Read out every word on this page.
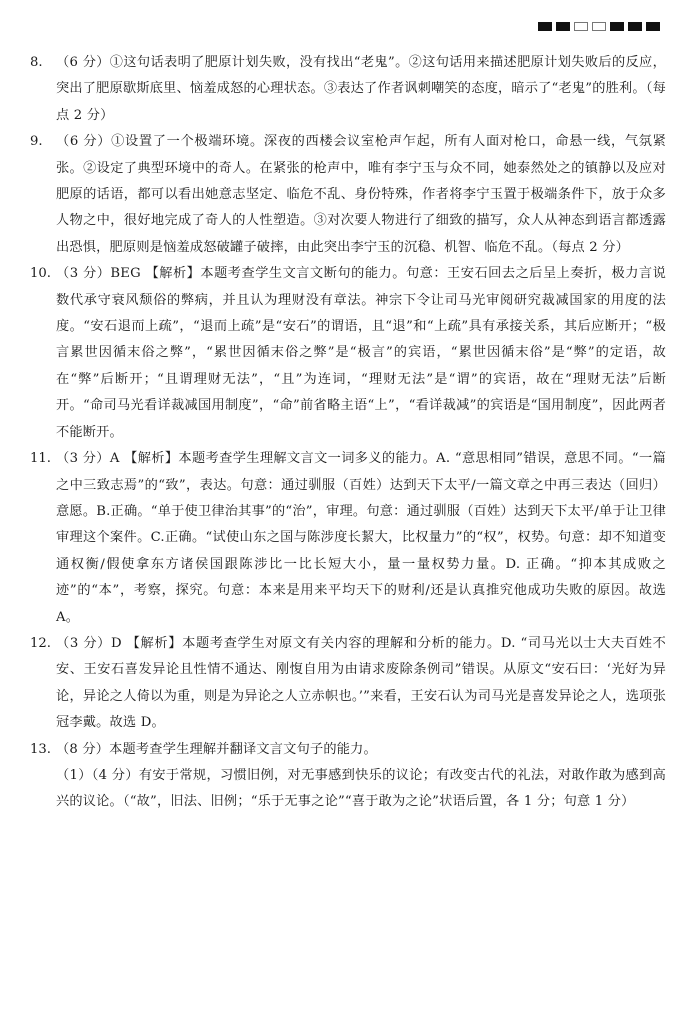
8.	（6 分）①这句话表明了肥原计划失败，没有找出“老鬼”。②这句话用来描述肥原计划失败后的反应，突出了肥原歇斯底里、恼羞成怒的心理状态。③表达了作者讽刺嘲笑的态度，暗示了“老鬼”的胜利。（每点 2 分）
9.	（6 分）①设置了一个极端环境。深夜的西楼会议室枪声乍起，所有人面对枪口，命悬一线，气氛紧张。②设定了典型环境中的奇人。在紧张的枪声中，唯有李宁玉与众不同，她泰然处之的镇静以及应对肥原的话语，都可以看出她意志坚定、临危不乱、身份特殊，作者将李宁玉置于极端条件下，放于众多人物之中，很好地完成了奇人的人性塑造。③对次要人物进行了细致的描写，众人从神态到语言都透露出恐惧，肥原则是恼羞成怒破罐子破摔，由此突出李宁玉的沉稳、机智、临危不乱。（每点 2 分）
10. （3 分）BEG 【解析】本题考查学生文言文断句的能力。句意：王安石回去之后呈上奏折，极力言说数代承守衰风颓俗的弊病，并且认为理财没有章法。神宗下令让司马光审阅研究裁减国家的用度的法度。“安石退而上疏”，“退而上疏”是“安石”的谓语，且“退”和“上疏”具有承接关系，其后应断开；“极言累世因循末俗之弊”，“累世因循末俗之弊”是“极言”的宾语，“累世因循末俗”是“弊”的定语，故在“弊”后断开；“且谓理财无法”，“且”为连词，“理财无法”是“谓”的宾语，故在“理财无法”后断开。“命司马光看详裁减国用制度”，“命”前省略主语“上”，“看详裁减”的宾语是“国用制度”，因此两者不能断开。
11. （3 分）A 【解析】本题考查学生理解文言文一词多义的能力。A. “意思相同”错误，意思不同。“一篇之中三致志焉”的“致”，表达。句意：通过驯服（百姓）达到天下太平/一篇文章之中再三表达（回归）意愿。B.正确。“单于使卫律治其事”的“治”，审理。句意：通过驯服（百姓）达到天下太平/单于让卫律审理这个案件。C.正确。“试使山东之国与陈涉度长絜大，比权量力”的“权”，权势。句意：却不知道变通权衡/假使拿东方诸侯国跟陈涉比一比长短大小，量一量权势力量。D. 正确。“抑本其成败之迹”的“本”，考察，探究。句意：本来是用来平均天下的财利/还是认真推究他成功失败的原因。故选 A。
12. （3 分）D 【解析】本题考查学生对原文有关内容的理解和分析的能力。D. “司马光以士大夫百姓不安、王安石喜发异论且性情不通达、刚愎自用为由请求废除条例司”错误。从原文“安石曰：‘光好为异论，异论之人倚以为重，则是为异论之人立赤帜也。’”来看，王安石认为司马光是喜发异论之人，选项张冠李戴。故选 D。
13. （8 分）本题考查学生理解并翻译文言文句子的能力。
（1）（4 分）有安于常规，习惯旧例，对无事感到快乐的议论；有改变古代的礼法，对敢作敢为感到高兴的议论。（“故”，旧法、旧例；“乐于无事之论”“喜于敢为之论”状语后置，各 1 分；句意 1 分）
